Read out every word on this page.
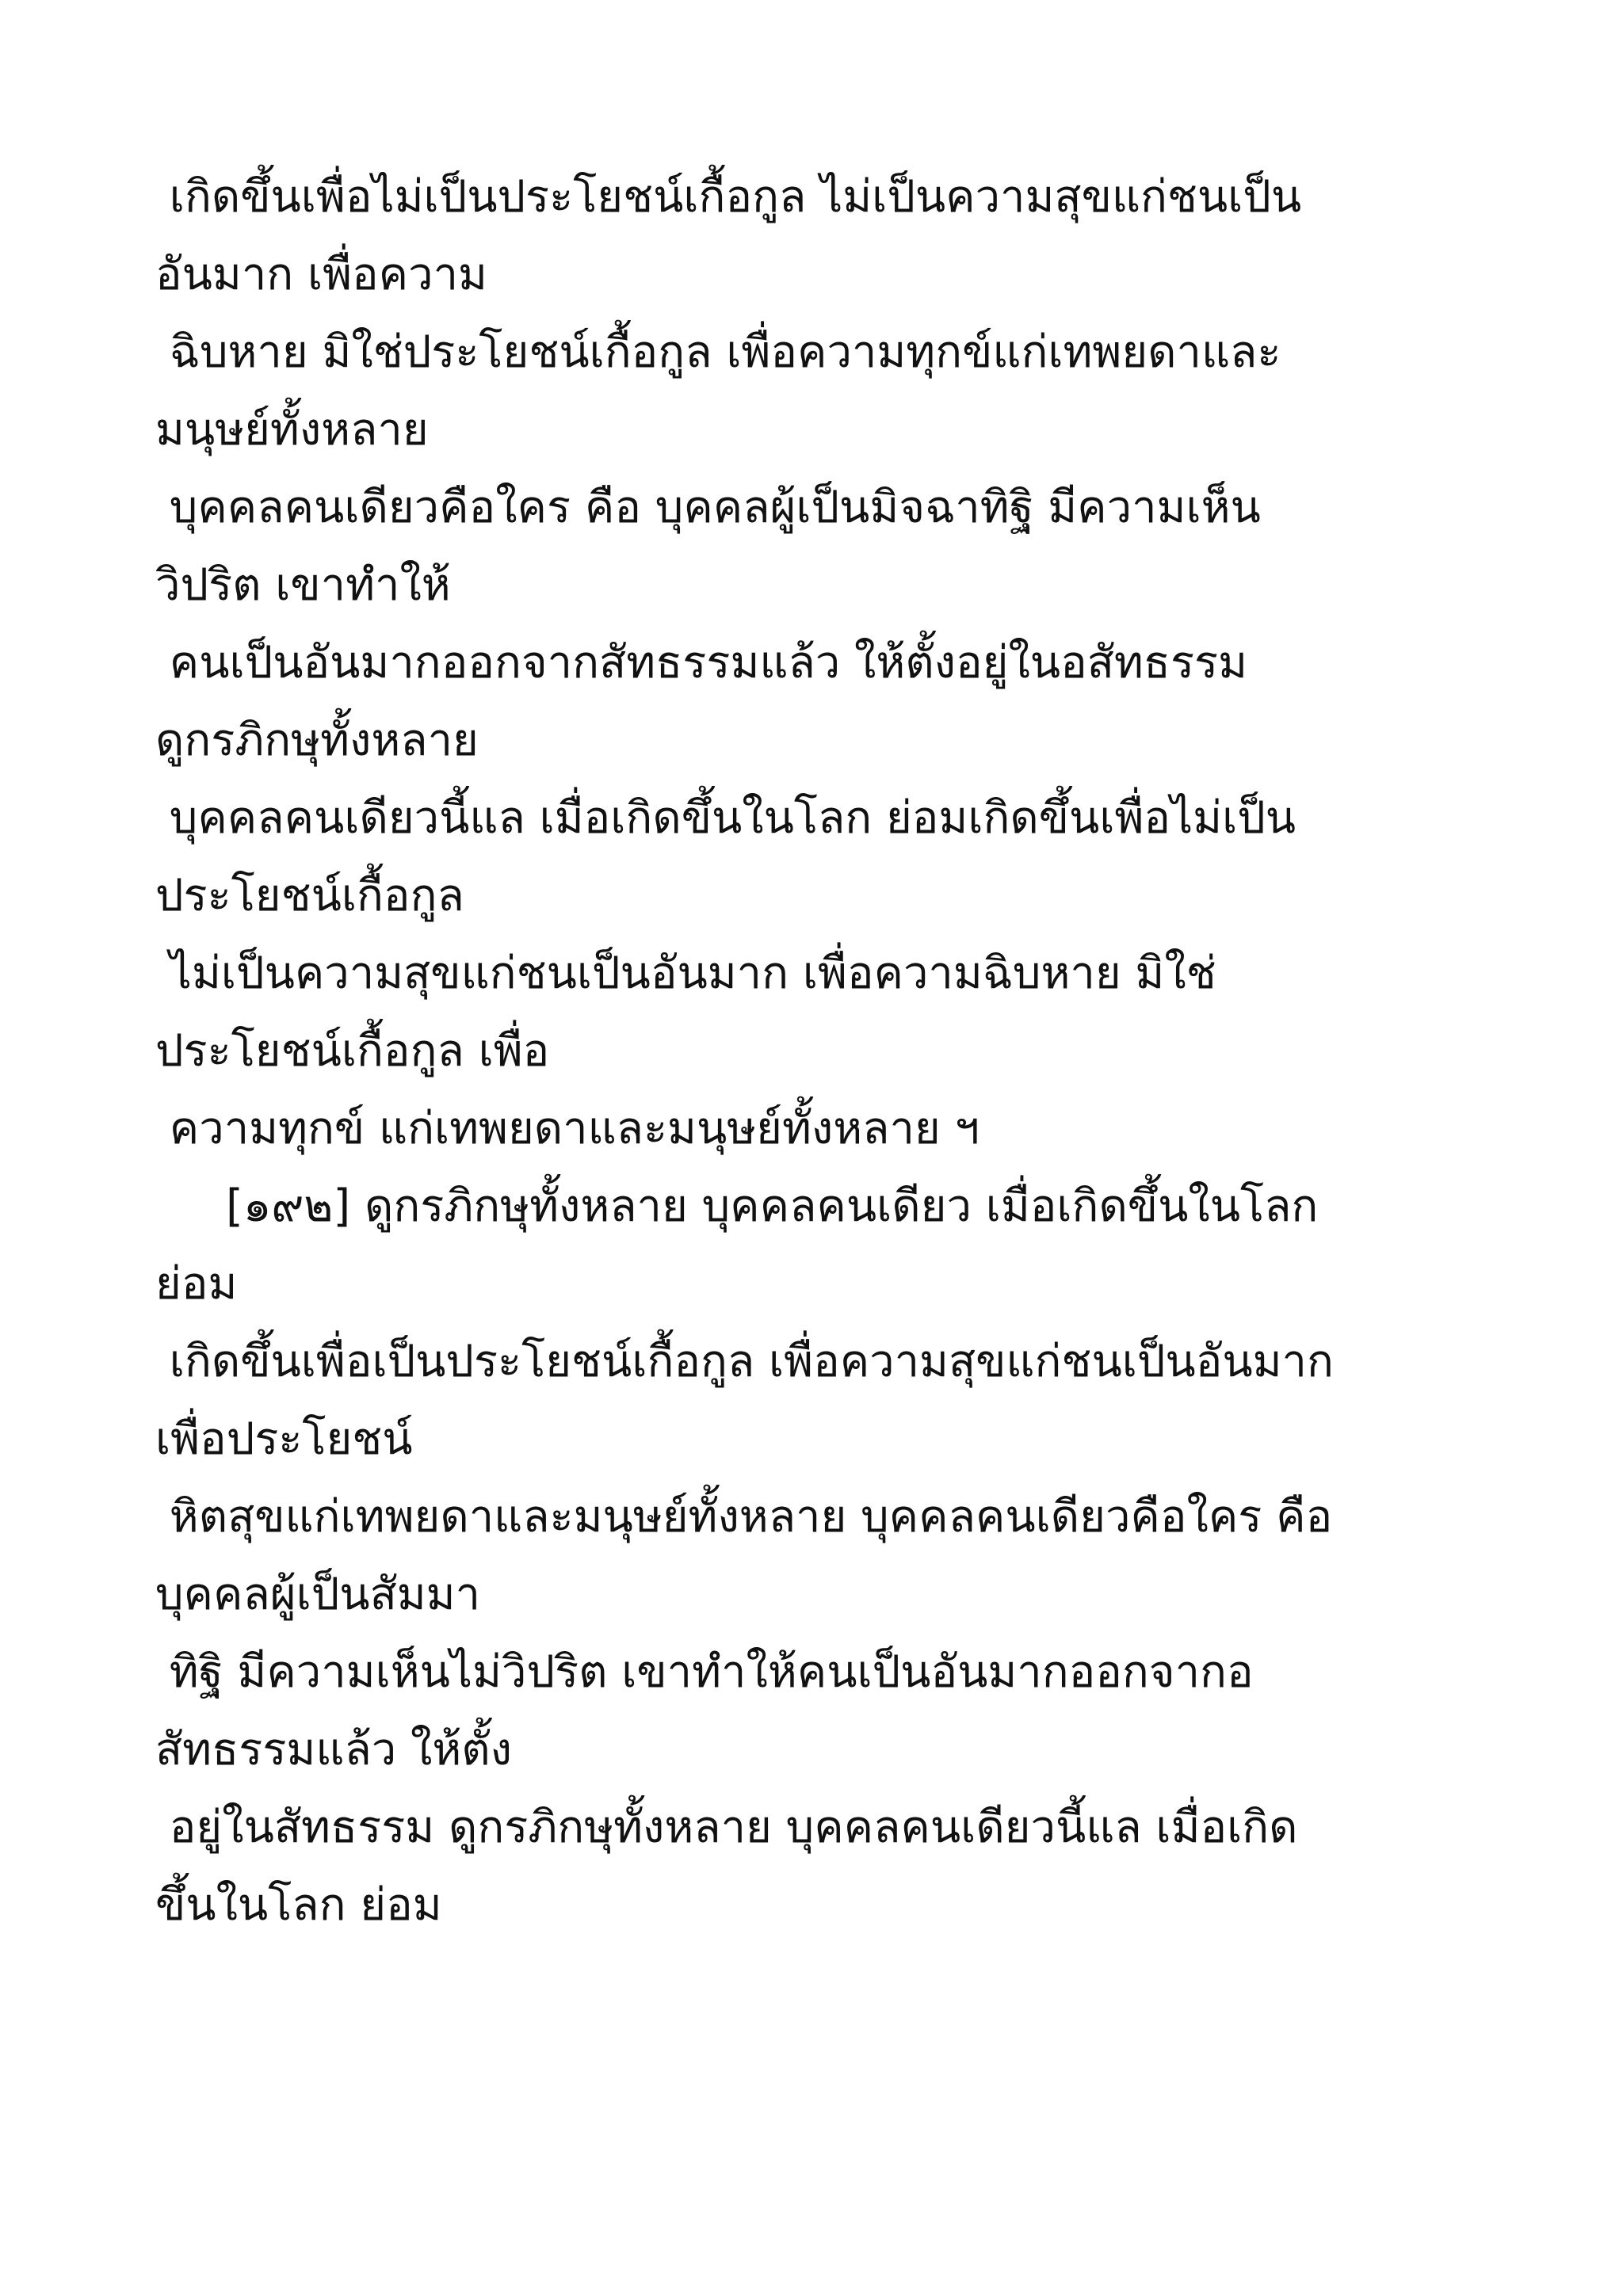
เกิดขึ้นเพื่อไม่เป็นประโยชน์เกื้อกูล ไม่เป็นความสุขแก่ชนเป็น
อันมาก เพื่อความ
ฉิบหาย มิใช่ประโยชน์เกื้อกูล เพื่อความทุกข์แก่เทพยดาและ
มนุษย์ทั้งหลาย
บุคคลคนเดียวคือใคร คือ บุคคลผู้เป็นมิจฉาทิฐิ มีความเห็น
วิปริต เขาทำให้
คนเป็นอันมากออกจากสัทธรรมแล้ว ให้ตั้งอยู่ในอสัทธรรม
ดูกรภิกษุทั้งหลาย
บุคคลคนเดียวนี้แล เมื่อเกิดขึ้นในโลก ย่อมเกิดขึ้นเพื่อไม่เป็น
ประโยชน์เกื้อกูล
ไม่เป็นความสุขแก่ชนเป็นอันมาก เพื่อความฉิบหาย มิใช่
ประโยชน์เกื้อกูล เพื่อ
ความทุกข์ แก่เทพยดาและมนุษย์ทั้งหลาย ฯ
[๑๙๒] ดูกรภิกษุทั้งหลาย บุคคลคนเดียว เมื่อเกิดขึ้นในโลก
ย่อม
เกิดขึ้นเพื่อเป็นประโยชน์เกื้อกูล เพื่อความสุขแก่ชนเป็นอันมาก
เพื่อประโยชน์
หิตสุขแก่เทพยดาและมนุษย์ทั้งหลาย บุคคลคนเดียวคือใคร คือ
บุคคลผู้เป็นสัมมา
ทิฐิ มีความเห็นไม่วิปริต เขาทำให้คนเป็นอันมากออกจากอ
สัทธรรมแล้ว ให้ตั้ง
อยู่ในสัทธรรม ดูกรภิกษุทั้งหลาย บุคคลคนเดียวนี้แล เมื่อเกิด
ขึ้นในโลก ย่อม
